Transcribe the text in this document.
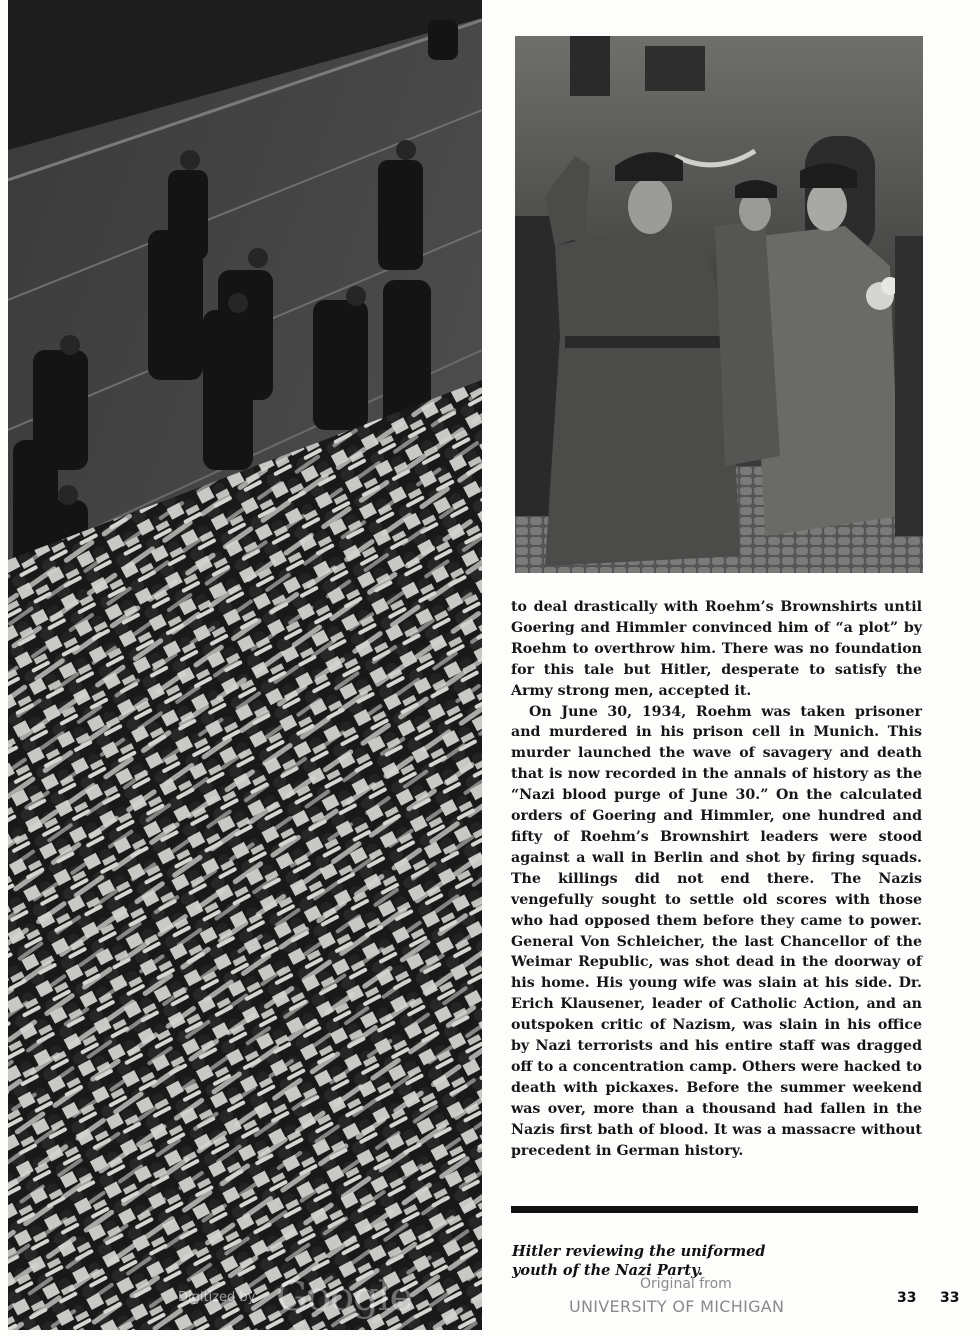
to deal drastically with Roehm’s Brownshirts until Goering and Himmler convinced him of “a plot” by Roehm to overthrow him. There was no foundation for this tale but Hitler, desperate to satisfy the Army strong men, accepted it.

On June 30, 1934, Roehm was taken prisoner and murdered in his prison cell in Munich. This murder launched the wave of savagery and death that is now recorded in the annals of history as the “Nazi blood purge of June 30.” On the calculated orders of Goering and Himmler, one hundred and fifty of Roehm’s Brownshirt leaders were stood against a wall in Berlin and shot by firing squads. The killings did not end there. The Nazis vengefully sought to settle old scores with those who had opposed them before they came to power. General Von Schleicher, the last Chancellor of the Weimar Republic, was shot dead in the doorway of his home. His young wife was slain at his side. Dr. Erich Klausener, leader of Catholic Action, and an outspoken critic of Nazism, was slain in his office by Nazi terrorists and his entire staff was dragged off to a concentration camp. Others were hacked to death with pickaxes. Before the summer weekend was over, more than a thousand had fallen in the Nazis first bath of blood. It was a massacre without precedent in German history.

Hitler reviewing the uniformed
youth of the Nazi Party.
33 33
Digitized by Google	Original from
UNIVERSITY OF MICHIGAN
